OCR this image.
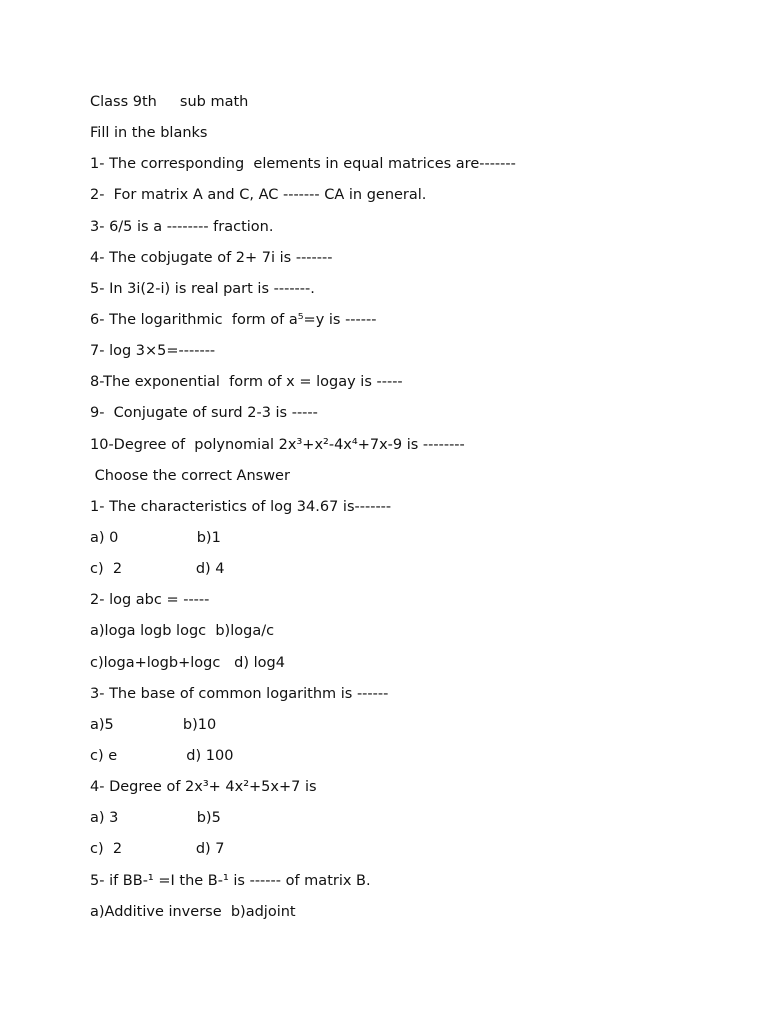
Class 9th     sub math
Fill in the blanks
1- The corresponding  elements in equal matrices are-------
2-  For matrix A and C, AC ------- CA in general.
3- 6/5 is a -------- fraction.
4- The cobjugate of 2+ 7i is -------
5- In 3i(2-i) is real part is -------.
6- The logarithmic  form of a⁵=y is ------
7- log 3×5=-------
8-The exponential  form of x = logay is -----
9-  Conjugate of surd 2-3 is -----
10-Degree of  polynomial 2x³+x²-4x⁴+7x-9 is --------
Choose the correct Answer
1- The characteristics of log 34.67 is-------
a) 0                 b)1
c)  2                d) 4
2- log abc = -----
a)loga logb logc  b)loga/c
c)loga+logb+logc   d) log4
3- The base of common logarithm is ------
a)5               b)10
c) e               d) 100
4- Degree of 2x³+ 4x²+5x+7 is
a) 3                 b)5
c)  2                d) 7
5- if BB-¹ =I the B-¹ is ------ of matrix B.
a)Additive inverse  b)adjoint
